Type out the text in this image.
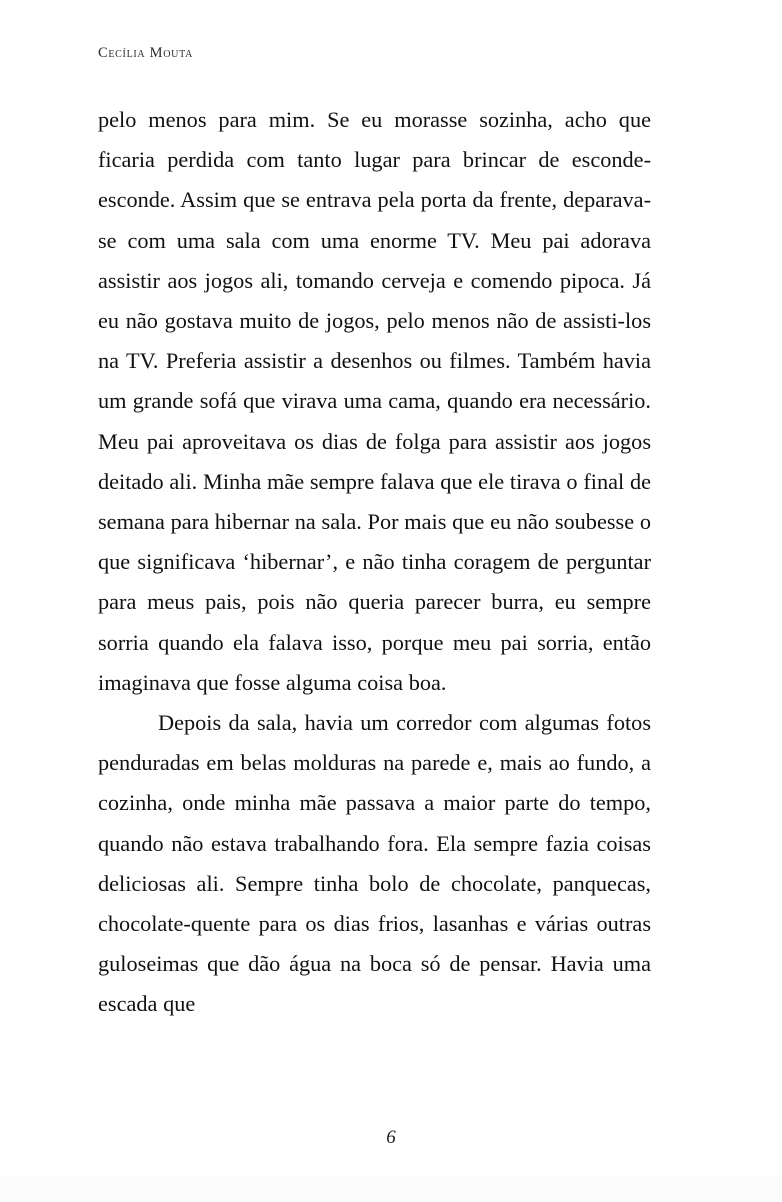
Cecília Mouta

pelo menos para mim. Se eu morasse sozinha, acho que ficaria perdida com tanto lugar para brincar de esconde-esconde. Assim que se entrava pela porta da frente, deparava-se com uma sala com uma enorme TV. Meu pai adorava assistir aos jogos ali, tomando cerveja e comendo pipoca. Já eu não gostava muito de jogos, pelo menos não de assisti-los na TV. Preferia assistir a desenhos ou filmes. Também havia um grande sofá que virava uma cama, quando era necessário. Meu pai aproveitava os dias de folga para assistir aos jogos deitado ali. Minha mãe sempre falava que ele tirava o final de semana para hibernar na sala. Por mais que eu não soubesse o que significava ‘hibernar’, e não tinha coragem de perguntar para meus pais, pois não queria parecer burra, eu sempre sorria quando ela falava isso, porque meu pai sorria, então imaginava que fosse alguma coisa boa.

Depois da sala, havia um corredor com algumas fotos penduradas em belas molduras na parede e, mais ao fundo, a cozinha, onde minha mãe passava a maior parte do tempo, quando não estava trabalhando fora. Ela sempre fazia coisas deliciosas ali. Sempre tinha bolo de chocolate, panquecas, chocolate-quente para os dias frios, lasanhas e várias outras guloseimas que dão água na boca só de pensar. Havia uma escada que

6
